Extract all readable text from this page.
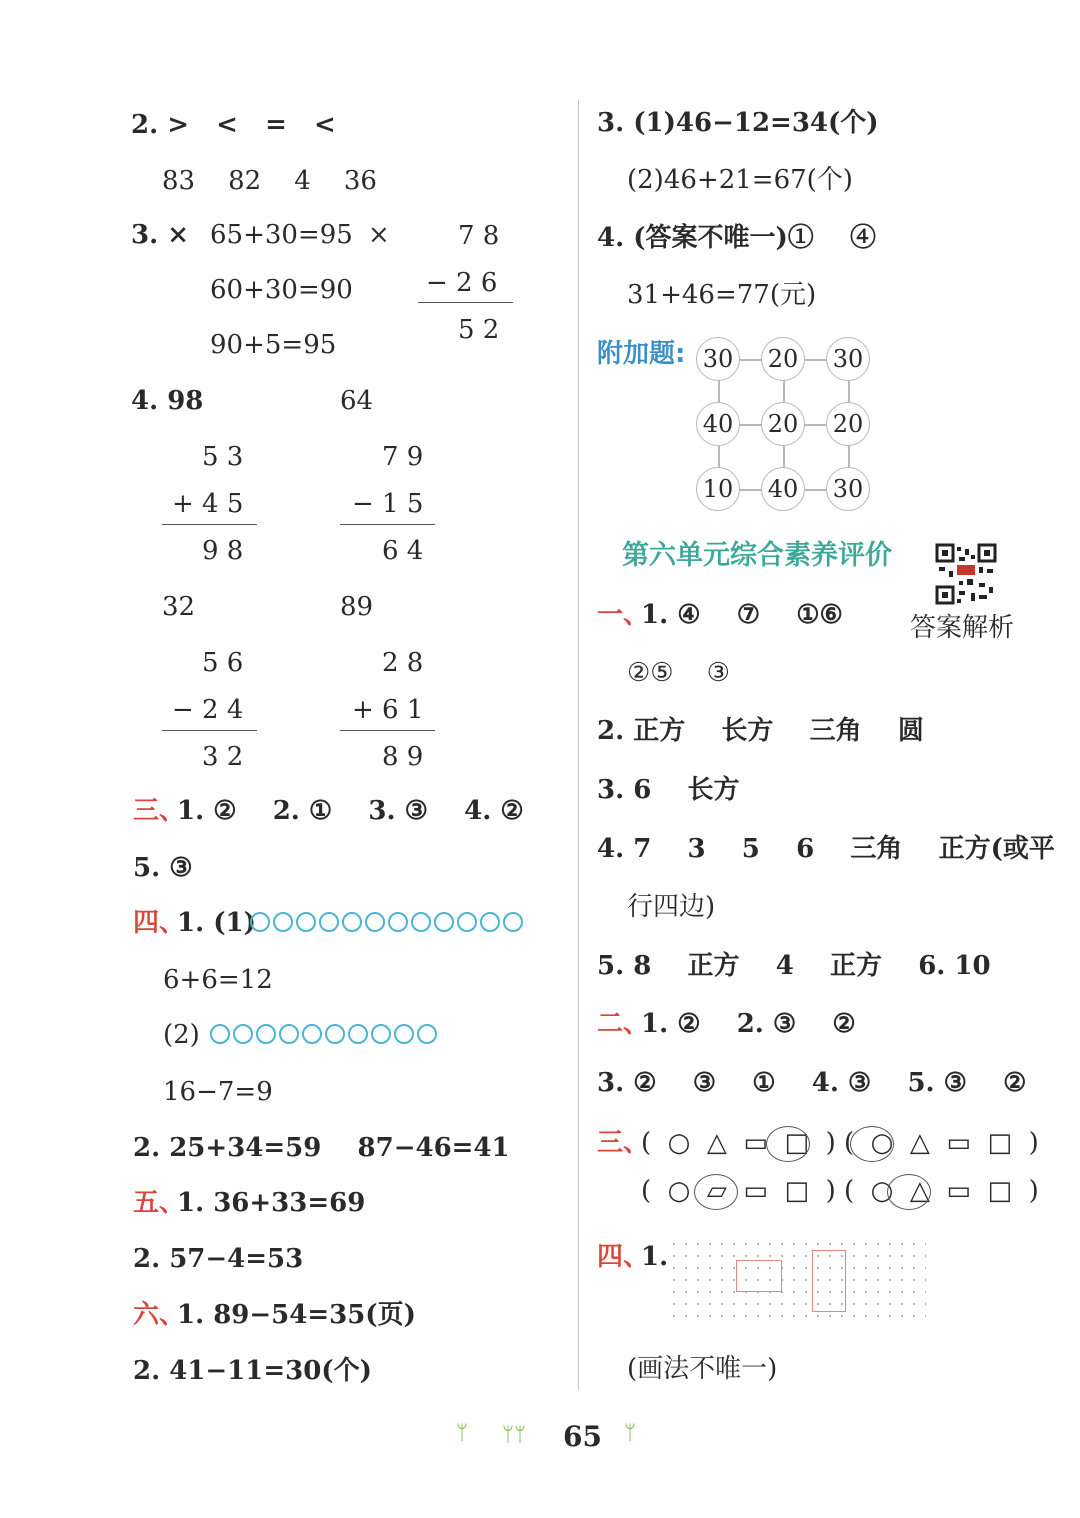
2. >   <   =   <
83    82    4    36
3. × 65+30=95 ×
60+30=90
90+5=95
7 8
− 2 6
5 2
4. 98	64
5 3
+ 4 5
9 8
7 9
− 1 5
6 4
32	89
5 6
− 2 4
3 2
2 8
+ 6 1
8 9
三、
1. ②    2. ①    3. ③    4. ②
5. ③
四、
1. (1)
6+6=12
(2)
16−7=9
2. 25+34=59    87−46=41
五、
1. 36+33=69
2. 57−4=53
六、
1. 89−54=35(页)
2. 41−11=30(个)
3. (1)46−12=34(个)
(2)46+21=67(个)
4. (答案不唯一)①    ④
31+46=77(元)
附加题: 30 20 30
40 20 20
10 40 30
第六单元综合素养评价
答案解析
一、
1. ④    ⑦    ①⑥
②⑤    ③
2. 正方    长方    三角    圆
3. 6    长方
4. 7    3    5    6    三角    正方(或平
行四边)
5. 8    正方    4    正方    6. 10
二、
1. ②    2. ③    ②
3. ②    ③    ①    4. ③    5. ③    ②
三、
(  ○  △  ▭  □  ) (  ○  △  ▭  □  )
(  ○  ▱  ▭  □  ) (  ○  △  ▭  □  )
四、
1.
(画法不唯一)
ᛘ ᛘᛘ 65 ᛘ
